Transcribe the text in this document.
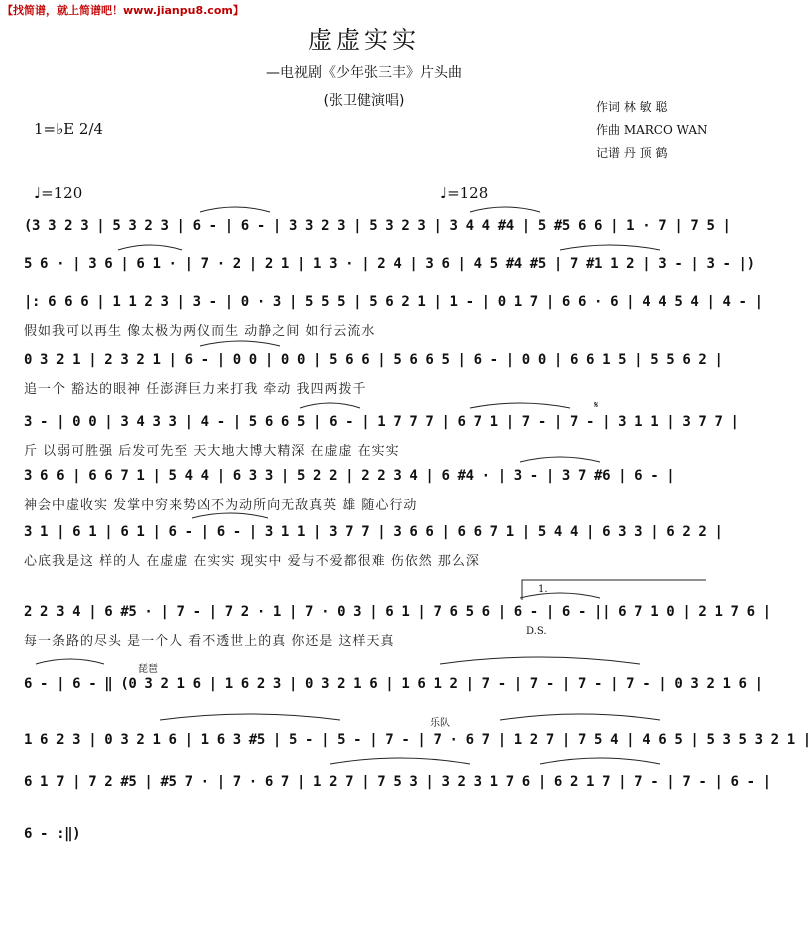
【找简谱，就上简谱吧！www.jianpu8.com】
虚虚实实
—电视剧《少年张三丰》片头曲
(张卫健演唱)	作词 林 敏 聪
作曲 MARCO WAN
记谱 丹 顶 鹤
1=♭E 2/4
♩=120	♩=128
(3 3 2 3 | 5 3 2 3 | 6 - | 6 - | 3 3 2 3 | 5 3 2 3 | 3 4 4 #4 | 5 #5 6 6 | 1 · 7 | 7 5 |
5 6 · | 3 6 | 6 1 · | 7 · 2 | 2 1 | 1 3 · | 2 4 | 3 6 | 4 5 #4 #5 | 7 #1 1 2 | 3 - | 3 - |)
|: 6 6 6 | 1 1 2 3 | 3 - | 0 · 3 | 5 5 5 | 5 6 2 1 | 1 - | 0 1 7 | 6 6 · 6 | 4 4 5 4 | 4 - |
假如我可以再生 像太极为两仪而生 动静之间 如行云流水
0 3 2 1 | 2 3 2 1 | 6 - | 0 0 | 0 0 | 5 6 6 | 5 6 6 5 | 6 - | 0 0 | 6 6 1 5 | 5 5 6 2 |
追一个 豁达的眼神 任澎湃巨力来打我 牵动 我四两拨千
𝄋
3 - | 0 0 | 3 4 3 3 | 4 - | 5 6 6 5 | 6 - | 1 7 7 7 | 6 7 1 | 7 - | 7 - | 3 1 1 | 3 7 7 |
斤 以弱可胜强 后发可先至 天大地大博大精深 在虚虚 在实实
3 6 6 | 6 6 7 1 | 5 4 4 | 6 3 3 | 5 2 2 | 2 2 3 4 | 6 #4 · | 3 - | 3 7 #6 | 6 - |
神会中虚收实 发掌中穷来势凶不为动所向无敌真英 雄 随心行动
3 1 | 6 1 | 6 1 | 6 - | 6 - | 3 1 1 | 3 7 7 | 3 6 6 | 6 6 7 1 | 5 4 4 | 6 3 3 | 6 2 2 |
心底我是这 样的人 在虚虚 在实实 现实中 爱与不爱都很难 伤依然 那么深
1.
2 2 3 4 | 6 #5 · | 7 - | 7 2 · 1 | 7 · 0 3 | 6 1 | 7 6 5 6 | 6 - | 6 - || 6 7 1 0 | 2 1 7 6 |
D.S.
每一条路的尽头 是一个人 看不透世上的真 你还是 这样天真
琵琶
6 - | 6 - ‖ (0 3 2 1 6 | 1 6 2 3 | 0 3 2 1 6 | 1 6 1 2 | 7 - | 7 - | 7 - | 7 - | 0 3 2 1 6 |
乐队
1 6 2 3 | 0 3 2 1 6 | 1 6 3 #5 | 5 - | 5 - | 7 - | 7 · 6 7 | 1 2 7 | 7 5 4 | 4 6 5 | 5 3 5 3 2 1 |
6 1 7 | 7 2 #5 | #5 7 · | 7 · 6 7 | 1 2 7 | 7 5 3 | 3 2 3 1 7 6 | 6 2 1 7 | 7 - | 7 - | 6 - |
6 - :‖)
